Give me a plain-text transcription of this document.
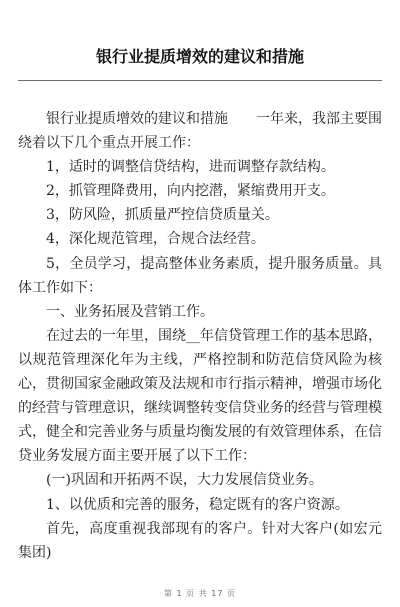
银行业提质增效的建议和措施

银行业提质增效的建议和措施　　一年来，我部主要围绕着以下几个重点开展工作：

1，适时的调整信贷结构，进而调整存款结构。

2，抓管理降费用，向内挖潜，紧缩费用开支。

3，防风险，抓质量严控信贷质量关。

4，深化规范管理，合规合法经营。

5，全员学习，提高整体业务素质，提升服务质量。具体工作如下：

一、业务拓展及营销工作。

在过去的一年里，围绕__年信贷管理工作的基本思路，以规范管理深化年为主线，严格控制和防范信贷风险为核心，贯彻国家金融政策及法规和市行指示精神，增强市场化的经营与管理意识，继续调整转变信贷业务的经营与管理模式，健全和完善业务与质量均衡发展的有效管理体系，在信贷业务发展方面主要开展了以下工作：

(一)巩固和开拓两不误，大力发展信贷业务。

1、以优质和完善的服务，稳定既有的客户资源。

首先，高度重视我部现有的客户。针对大客户(如宏元集团)

第 1 页 共 17 页
